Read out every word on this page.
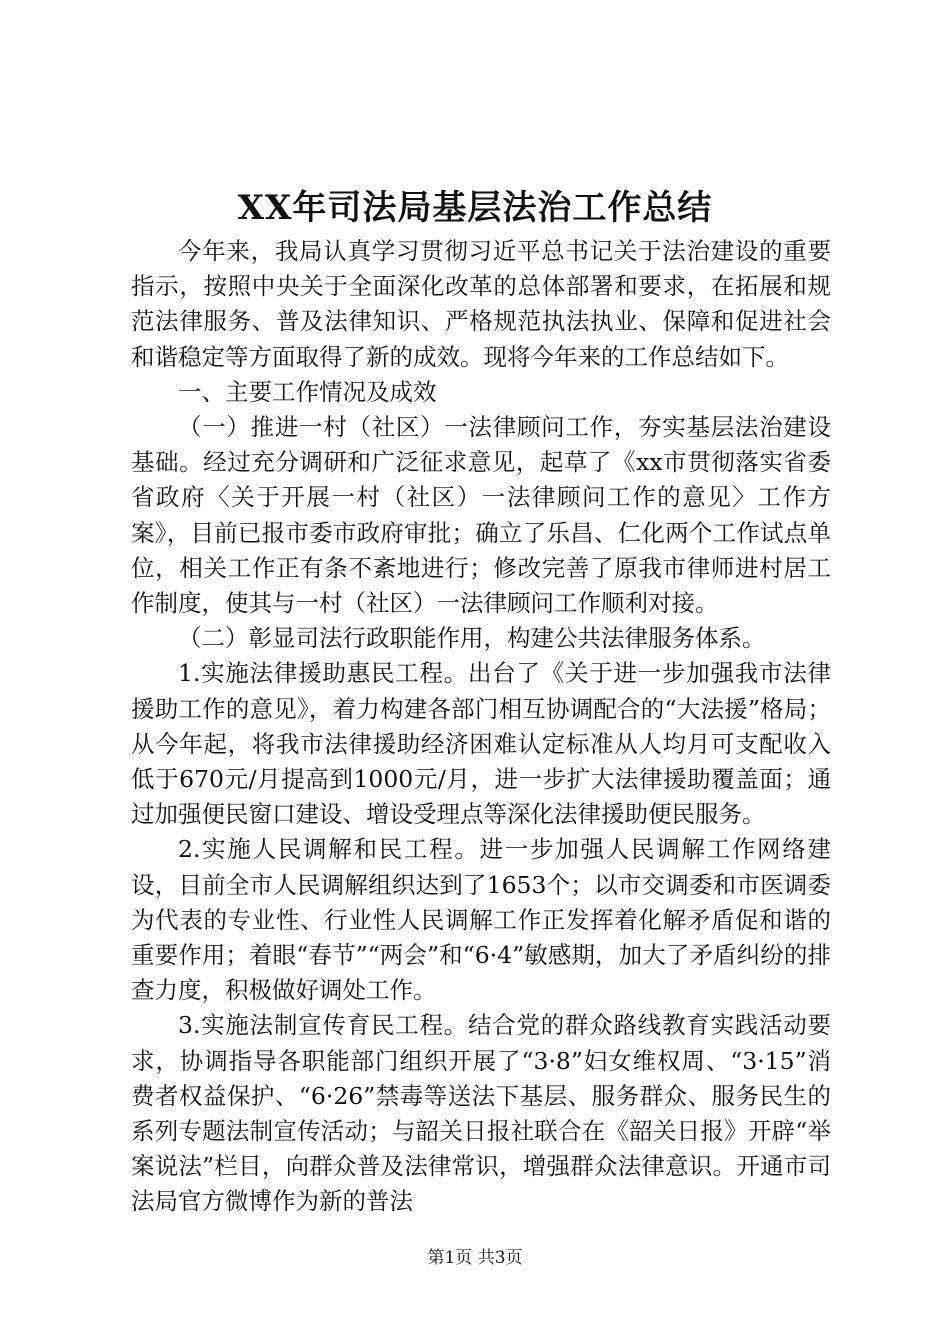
XX年司法局基层法治工作总结

今年来，我局认真学习贯彻习近平总书记关于法治建设的重要指示，按照中央关于全面深化改革的总体部署和要求，在拓展和规范法律服务、普及法律知识、严格规范执法执业、保障和促进社会和谐稳定等方面取得了新的成效。现将今年来的工作总结如下。

一、主要工作情况及成效

（一）推进一村（社区）一法律顾问工作，夯实基层法治建设基础。经过充分调研和广泛征求意见，起草了《xx市贯彻落实省委省政府〈关于开展一村（社区）一法律顾问工作的意见〉工作方案》，目前已报市委市政府审批；确立了乐昌、仁化两个工作试点单位，相关工作正有条不紊地进行；修改完善了原我市律师进村居工作制度，使其与一村（社区）一法律顾问工作顺利对接。

（二）彰显司法行政职能作用，构建公共法律服务体系。

1.实施法律援助惠民工程。出台了《关于进一步加强我市法律援助工作的意见》，着力构建各部门相互协调配合的“大法援”格局；从今年起，将我市法律援助经济困难认定标准从人均月可支配收入低于670元/月提高到1000元/月，进一步扩大法律援助覆盖面；通过加强便民窗口建设、增设受理点等深化法律援助便民服务。

2.实施人民调解和民工程。进一步加强人民调解工作网络建设，目前全市人民调解组织达到了1653个；以市交调委和市医调委为代表的专业性、行业性人民调解工作正发挥着化解矛盾促和谐的重要作用；着眼“春节”“两会”和“6·4”敏感期，加大了矛盾纠纷的排查力度，积极做好调处工作。

3.实施法制宣传育民工程。结合党的群众路线教育实践活动要求，协调指导各职能部门组织开展了“3·8”妇女维权周、“3·15”消费者权益保护、“6·26”禁毒等送法下基层、服务群众、服务民生的系列专题法制宣传活动；与韶关日报社联合在《韶关日报》开辟“举案说法”栏目，向群众普及法律常识，增强群众法律意识。开通市司法局官方微博作为新的普法

第1页 共3页
